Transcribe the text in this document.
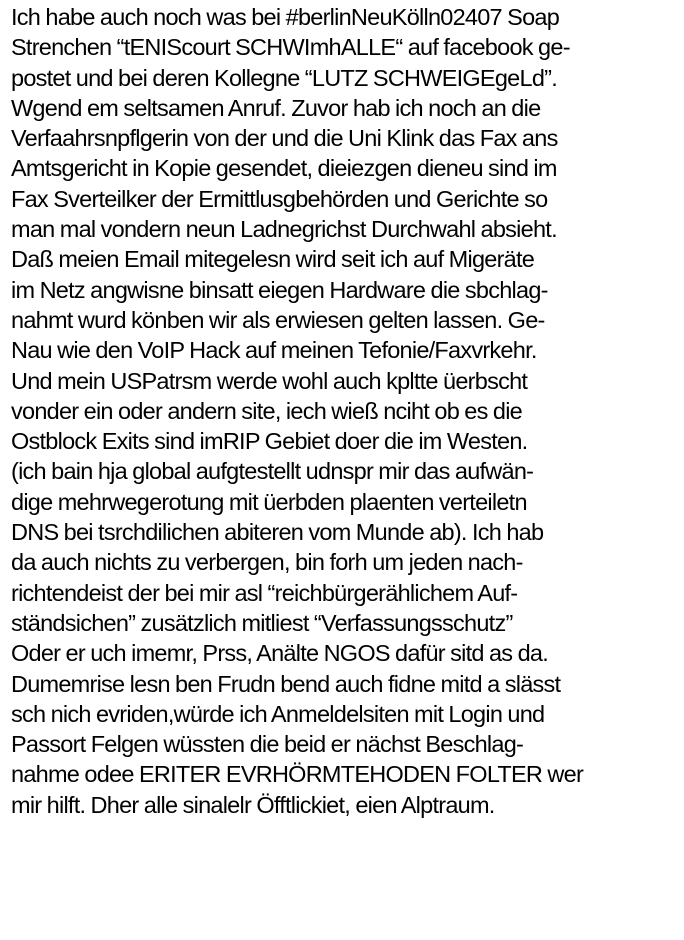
Ich habe auch noch was bei #berlinNeuKölln02407 Soap
Strenchen “tENIScourt SCHWImhALLE“ auf facebook ge-
postet und bei deren Kollegne “LUTZ SCHWEIGEgeLd”.
Wgend em seltsamen Anruf. Zuvor hab ich noch an die
Verfaahrsnpflgerin von der und die Uni Klink das Fax ans
Amtsgericht in Kopie gesendet, dieiezgen dieneu sind im
Fax Sverteilker der Ermittlusgbehörden und Gerichte so
man mal vondern neun Ladnegrichst Durchwahl absieht.
Daß meien Email mitegelesn wird seit ich auf Migeräte
im Netz angwisne binsatt eiegen Hardware die sbchlag-
nahmt wurd könben wir als erwiesen gelten lassen. Ge-
Nau wie den VoIP Hack auf meinen Tefonie/Faxvrkehr.
Und mein USPatrsm werde wohl auch kpltte üerbscht
vonder ein oder andern site, iech wieß nciht ob es die
Ostblock Exits sind imRIP Gebiet doer die im Westen.
(ich bain hja global aufgtestellt udnspr mir das aufwän-
dige mehrwegerotung mit üerbden plaenten verteiletn
DNS bei tsrchdilichen abiteren vom Munde ab). Ich hab
da auch nichts zu verbergen, bin forh um jeden nach-
richtendeist der bei mir asl “reichbürgerählichem Auf-
ständsichen” zusätzlich mitliest “Verfassungsschutz”
Oder er uch imemr, Prss, Anälte NGOS dafür sitd as da.
Dumemrise lesn ben Frudn bend auch fidne mitd a slässt
sch nich evriden,würde ich Anmeldelsiten mit Login und
Passort Felgen wüssten die beid er nächst Beschlag-
nahme odee ERITER EVRHÖRMTEHODEN FOLTER wer
mir hilft. Dher alle sinalelr Öfftlickiet, eien Alptraum.
